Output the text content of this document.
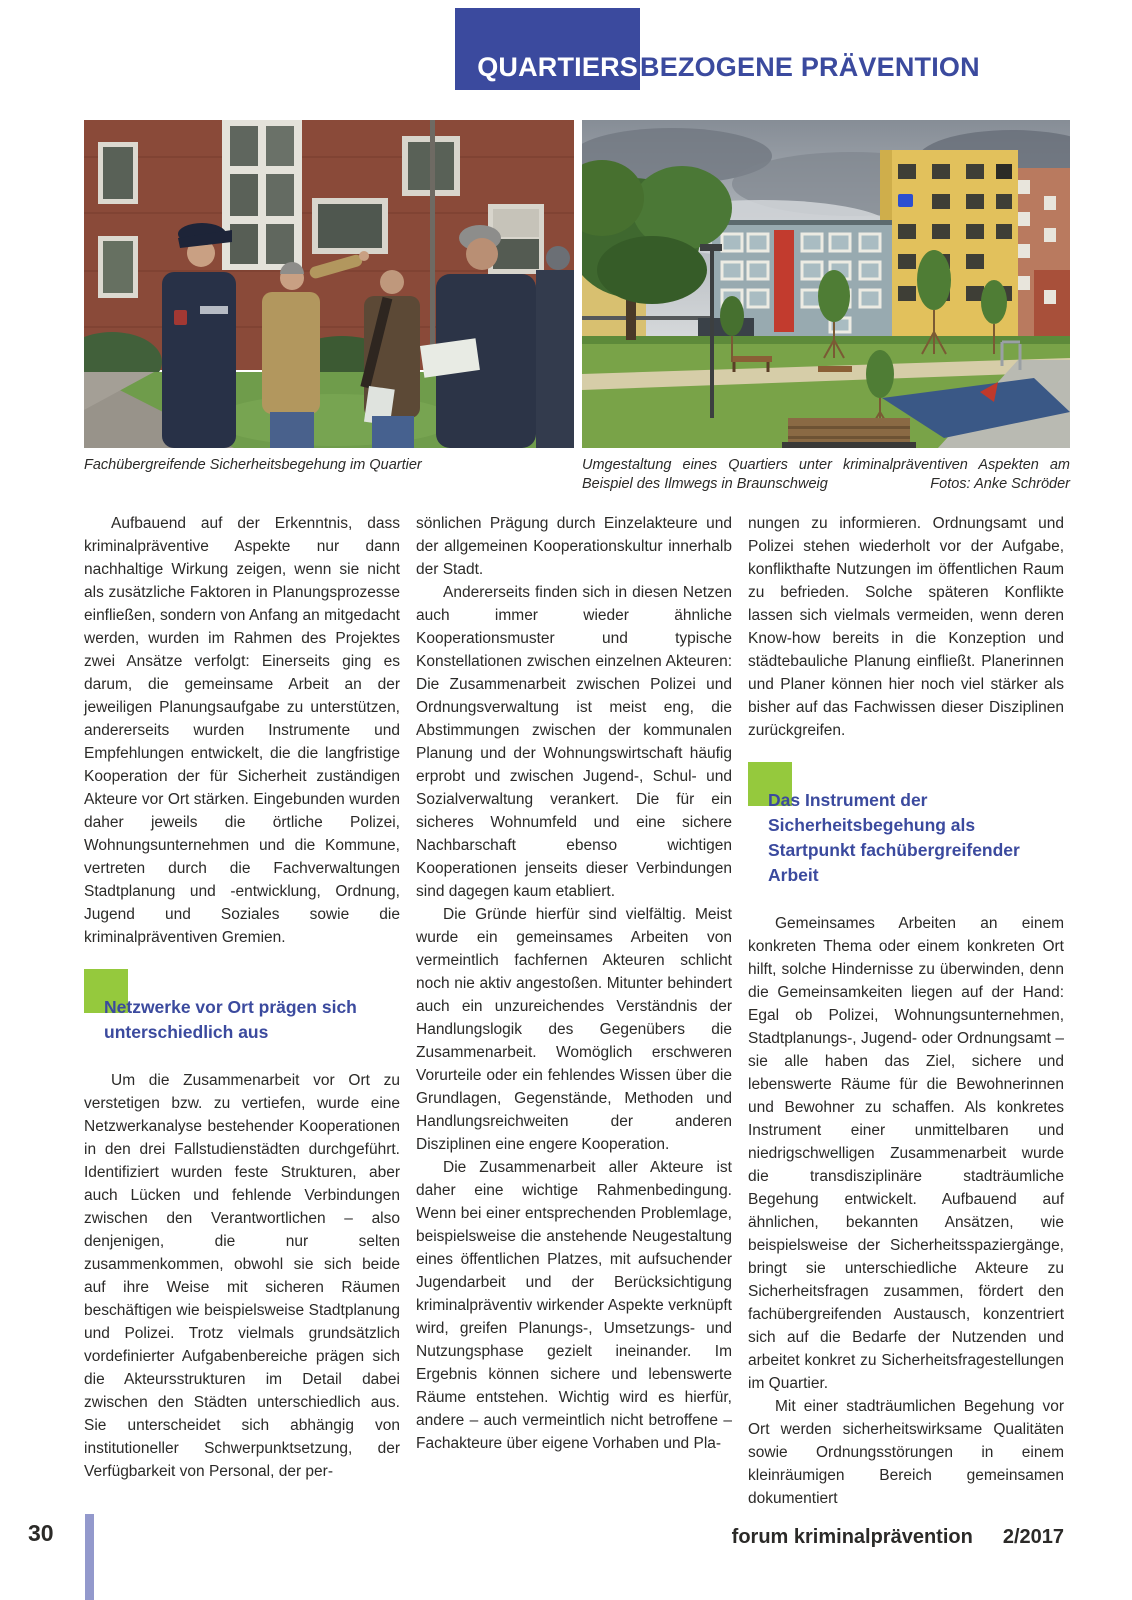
QUARTIERS BEZOGENE PRÄVENTION
Fachübergreifende Sicherheitsbegehung im Quartier	Umgestaltung eines Quartiers unter kriminalpräventiven Aspekten am Beispiel des Ilmwegs in Braunschweig	Fotos: Anke Schröder

Aufbauend auf der Erkenntnis, dass kriminalpräventive Aspekte nur dann nachhaltige Wirkung zeigen, wenn sie nicht als zusätzliche Faktoren in Planungsprozesse einfließen, sondern von Anfang an mitgedacht werden, wurden im Rahmen des Projektes zwei Ansätze verfolgt: Einerseits ging es darum, die gemeinsame Arbeit an der jeweiligen Planungsaufgabe zu unterstützen, andererseits wurden Instrumente und Empfehlungen entwickelt, die die langfristige Kooperation der für Sicherheit zuständigen Akteure vor Ort stärken. Eingebunden wurden daher jeweils die örtliche Polizei, Wohnungsunternehmen und die Kommune, vertreten durch die Fachverwaltungen Stadtplanung und -entwicklung, Ordnung, Jugend und Soziales sowie die kriminalpräventiven Gremien.

Netzwerke vor Ort prägen sich unterschiedlich aus

Um die Zusammenarbeit vor Ort zu verstetigen bzw. zu vertiefen, wurde eine Netzwerkanalyse bestehender Kooperationen in den drei Fallstudienstädten durchgeführt. Identifiziert wurden feste Strukturen, aber auch Lücken und fehlende Verbindungen zwischen den Verantwortlichen – also denjenigen, die nur selten zusammenkommen, obwohl sie sich beide auf ihre Weise mit sicheren Räumen beschäftigen wie beispielsweise Stadtplanung und Polizei. Trotz vielmals grundsätzlich vordefinierter Aufgabenbereiche prägen sich die Akteursstrukturen im Detail dabei zwischen den Städten unterschiedlich aus. Sie unterscheidet sich abhängig von institutioneller Schwerpunktsetzung, der Verfügbarkeit von Personal, der per-

sönlichen Prägung durch Einzelakteure und der allgemeinen Kooperationskultur innerhalb der Stadt.

Andererseits finden sich in diesen Netzen auch immer wieder ähnliche Kooperationsmuster und typische Konstellationen zwischen einzelnen Akteuren: Die Zusammenarbeit zwischen Polizei und Ordnungsverwaltung ist meist eng, die Abstimmungen zwischen der kommunalen Planung und der Wohnungswirtschaft häufig erprobt und zwischen Jugend-, Schul- und Sozialverwaltung verankert. Die für ein sicheres Wohnumfeld und eine sichere Nachbarschaft ebenso wichtigen Kooperationen jenseits dieser Verbindungen sind dagegen kaum etabliert.

Die Gründe hierfür sind vielfältig. Meist wurde ein gemeinsames Arbeiten von vermeintlich fachfernen Akteuren schlicht noch nie aktiv angestoßen. Mitunter behindert auch ein unzureichendes Verständnis der Handlungslogik des Gegenübers die Zusammenarbeit. Womöglich erschweren Vorurteile oder ein fehlendes Wissen über die Grundlagen, Gegenstände, Methoden und Handlungsreichweiten der anderen Disziplinen eine engere Kooperation.

Die Zusammenarbeit aller Akteure ist daher eine wichtige Rahmenbedingung. Wenn bei einer entsprechenden Problemlage, beispielsweise die anstehende Neugestaltung eines öffentlichen Platzes, mit aufsuchender Jugendarbeit und der Berücksichtigung kriminalpräventiv wirkender Aspekte verknüpft wird, greifen Planungs-, Umsetzungs- und Nutzungsphase gezielt ineinander. Im Ergebnis können sichere und lebenswerte Räume entstehen. Wichtig wird es hierfür, andere – auch vermeintlich nicht betroffene – Fachakteure über eigene Vorhaben und Pla-

nungen zu informieren. Ordnungsamt und Polizei stehen wiederholt vor der Aufgabe, konflikthafte Nutzungen im öffentlichen Raum zu befrieden. Solche späteren Konflikte lassen sich vielmals vermeiden, wenn deren Know-how bereits in die Konzeption und städtebauliche Planung einfließt. Planerinnen und Planer können hier noch viel stärker als bisher auf das Fachwissen dieser Disziplinen zurückgreifen.

Das Instrument der Sicherheitsbegehung als Startpunkt fachübergreifender Arbeit

Gemeinsames Arbeiten an einem konkreten Thema oder einem konkreten Ort hilft, solche Hindernisse zu überwinden, denn die Gemeinsamkeiten liegen auf der Hand: Egal ob Polizei, Wohnungsunternehmen, Stadtplanungs-, Jugend- oder Ordnungsamt – sie alle haben das Ziel, sichere und lebenswerte Räume für die Bewohnerinnen und Bewohner zu schaffen. Als konkretes Instrument einer unmittelbaren und niedrigschwelligen Zusammenarbeit wurde die transdisziplinäre stadträumliche Begehung entwickelt. Aufbauend auf ähnlichen, bekannten Ansätzen, wie beispielsweise der Sicherheitsspaziergänge, bringt sie unterschiedliche Akteure zu Sicherheitsfragen zusammen, fördert den fachübergreifenden Austausch, konzentriert sich auf die Bedarfe der Nutzenden und arbeitet konkret zu Sicherheitsfragestellungen im Quartier.

Mit einer stadträumlichen Begehung vor Ort werden sicherheitswirksame Qualitäten sowie Ordnungsstörungen in einem kleinräumigen Bereich gemeinsamen dokumentiert

30	forum kriminalprävention 2/2017
